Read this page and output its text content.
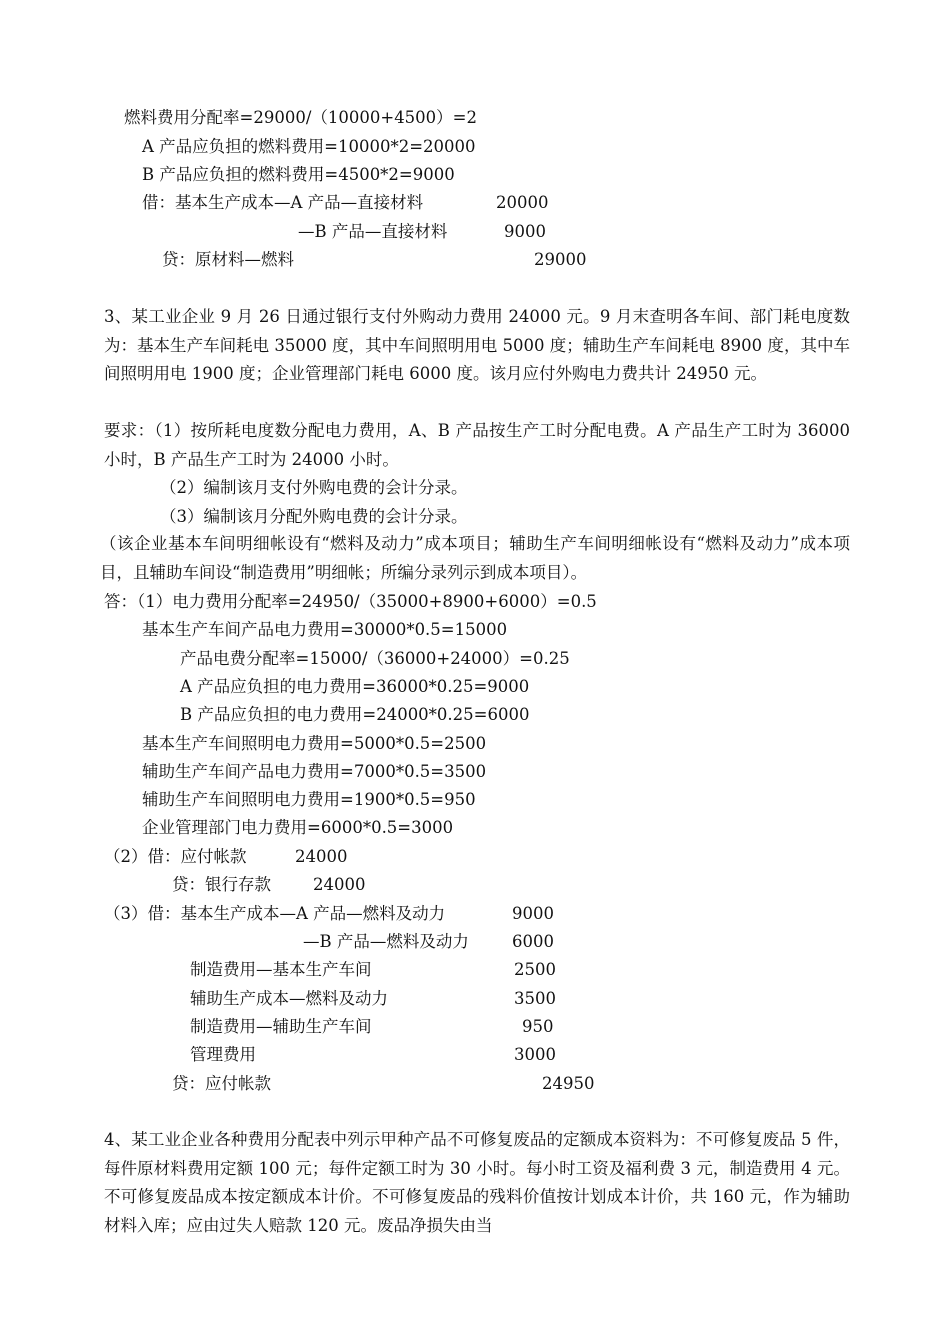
燃料费用分配率=29000/（10000+4500）=2
A 产品应负担的燃料费用=10000*2=20000
B 产品应负担的燃料费用=4500*2=9000
借：基本生产成本—A 产品—直接材料	20000
—B 产品—直接材料	9000
贷：原材料—燃料	29000
3、某工业企业 9 月 26 日通过银行支付外购动力费用 24000 元。9 月末查明各车间、部门耗电度数为：基本生产车间耗电 35000 度，其中车间照明用电 5000 度；辅助生产车间耗电 8900 度，其中车间照明用电 1900 度；企业管理部门耗电 6000 度。该月应付外购电力费共计 24950 元。
要求：（1）按所耗电度数分配电力费用，A、B 产品按生产工时分配电费。A 产品生产工时为 36000 小时，B 产品生产工时为 24000 小时。
（2）编制该月支付外购电费的会计分录。
（3）编制该月分配外购电费的会计分录。
（该企业基本车间明细帐设有“燃料及动力”成本项目；辅助生产车间明细帐设有“燃料及动力”成本项目，且辅助车间设“制造费用”明细帐；所编分录列示到成本项目）。
答：（1）电力费用分配率=24950/（35000+8900+6000）=0.5
基本生产车间产品电力费用=30000*0.5=15000
产品电费分配率=15000/（36000+24000）=0.25
A 产品应负担的电力费用=36000*0.25=9000
B 产品应负担的电力费用=24000*0.25=6000
基本生产车间照明电力费用=5000*0.5=2500
辅助生产车间产品电力费用=7000*0.5=3500
辅助生产车间照明电力费用=1900*0.5=950
企业管理部门电力费用=6000*0.5=3000
（2）借：应付帐款	24000
贷：银行存款	24000
（3）借：基本生产成本—A 产品—燃料及动力	9000
—B 产品—燃料及动力	6000
制造费用—基本生产车间	2500
辅助生产成本—燃料及动力	3500
制造费用—辅助生产车间	950
管理费用	3000
贷：应付帐款	24950
4、某工业企业各种费用分配表中列示甲种产品不可修复废品的定额成本资料为：不可修复废品 5 件，每件原材料费用定额 100 元；每件定额工时为 30 小时。每小时工资及福利费 3 元，制造费用 4 元。不可修复废品成本按定额成本计价。不可修复废品的残料价值按计划成本计价，共 160 元，作为辅助材料入库；应由过失人赔款 120 元。废品净损失由当
